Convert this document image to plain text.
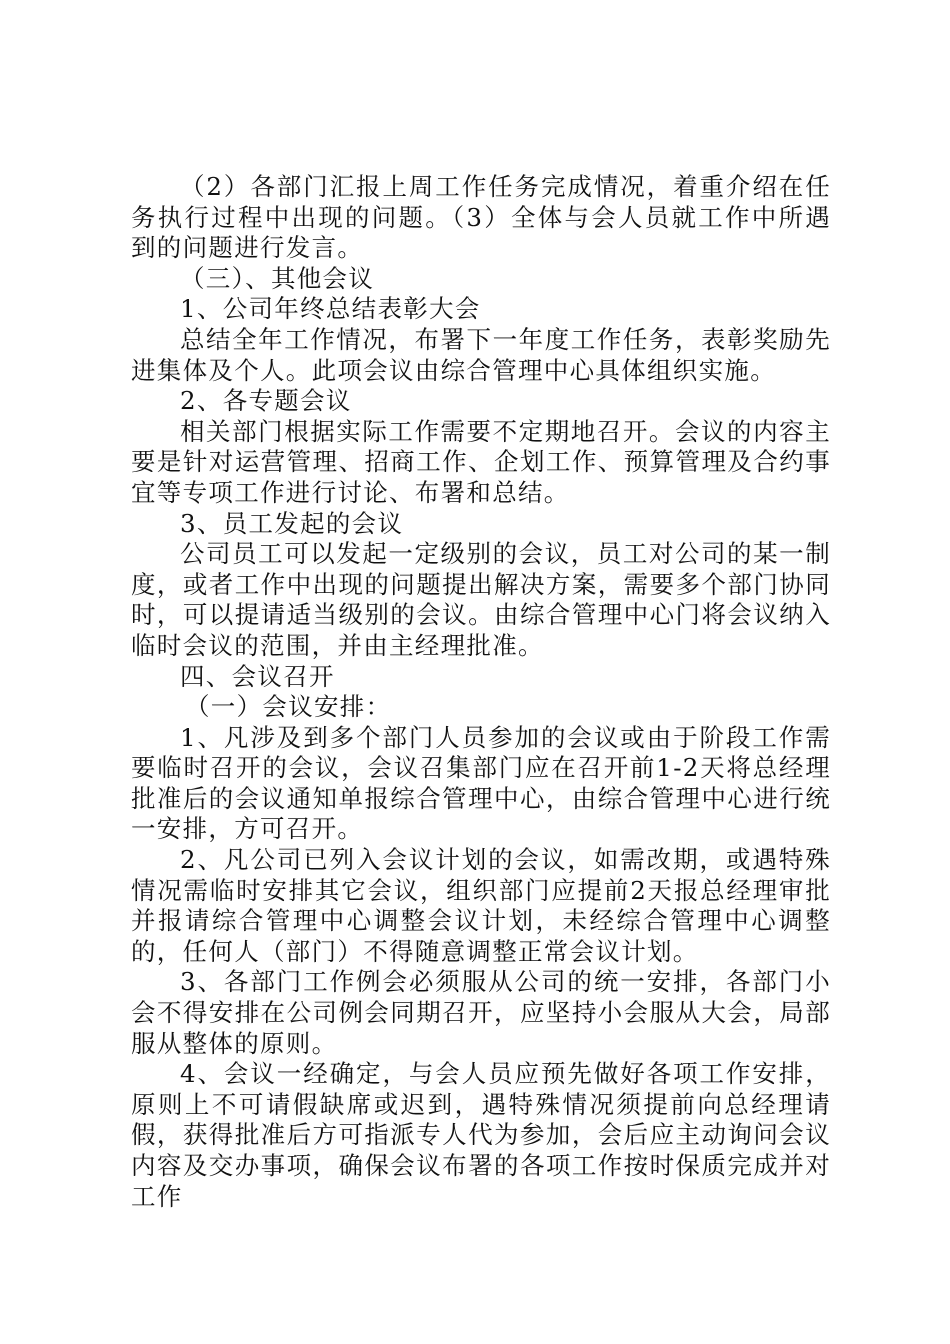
（2）各部门汇报上周工作任务完成情况，着重介绍在任务执行过程中出现的问题。（3）全体与会人员就工作中所遇到的问题进行发言。

（三）、其他会议

1、公司年终总结表彰大会

总结全年工作情况，布署下一年度工作任务，表彰奖励先进集体及个人。此项会议由综合管理中心具体组织实施。

2、各专题会议

相关部门根据实际工作需要不定期地召开。会议的内容主要是针对运营管理、招商工作、企划工作、预算管理及合约事宜等专项工作进行讨论、布署和总结。

3、员工发起的会议

公司员工可以发起一定级别的会议，员工对公司的某一制度，或者工作中出现的问题提出解决方案，需要多个部门协同时，可以提请适当级别的会议。由综合管理中心门将会议纳入临时会议的范围，并由主经理批准。

四、会议召开

（一）会议安排：

1、凡涉及到多个部门人员参加的会议或由于阶段工作需要临时召开的会议，会议召集部门应在召开前1-2天将总经理批准后的会议通知单报综合管理中心，由综合管理中心进行统一安排，方可召开。

2、凡公司已列入会议计划的会议，如需改期，或遇特殊情况需临时安排其它会议，组织部门应提前2天报总经理审批并报请综合管理中心调整会议计划，未经综合管理中心调整的，任何人（部门）不得随意调整正常会议计划。

3、各部门工作例会必须服从公司的统一安排，各部门小会不得安排在公司例会同期召开，应坚持小会服从大会，局部服从整体的原则。

4、会议一经确定，与会人员应预先做好各项工作安排，原则上不可请假缺席或迟到，遇特殊情况须提前向总经理请假，获得批准后方可指派专人代为参加，会后应主动询问会议内容及交办事项，确保会议布署的各项工作按时保质完成并对工作
